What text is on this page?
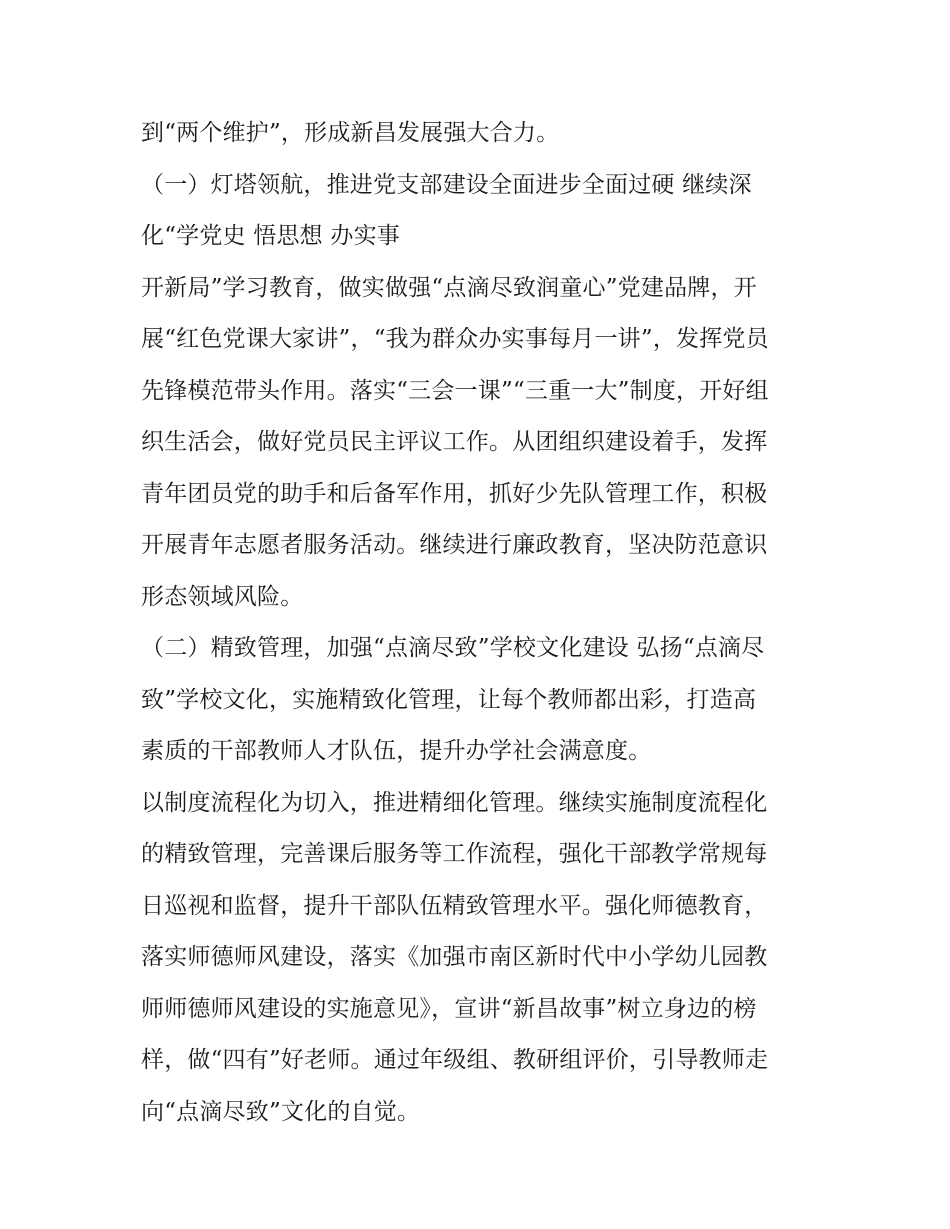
到“两个维护”，形成新昌发展强大合力。
（一）灯塔领航，推进党支部建设全面进步全面过硬 继续深
化“学党史 悟思想 办实事
开新局”学习教育，做实做强“点滴尽致润童心”党建品牌，开
展“红色党课大家讲”，“我为群众办实事每月一讲”，发挥党员
先锋模范带头作用。落实“三会一课”“三重一大”制度，开好组
织生活会，做好党员民主评议工作。从团组织建设着手，发挥
青年团员党的助手和后备军作用，抓好少先队管理工作，积极
开展青年志愿者服务活动。继续进行廉政教育，坚决防范意识
形态领域风险。
（二）精致管理，加强“点滴尽致”学校文化建设 弘扬“点滴尽
致”学校文化，实施精致化管理，让每个教师都出彩，打造高
素质的干部教师人才队伍，提升办学社会满意度。
以制度流程化为切入，推进精细化管理。继续实施制度流程化
的精致管理，完善课后服务等工作流程，强化干部教学常规每
日巡视和监督，提升干部队伍精致管理水平。强化师德教育，
落实师德师风建设，落实《加强市南区新时代中小学幼儿园教
师师德师风建设的实施意见》，宣讲“新昌故事”树立身边的榜
样，做“四有”好老师。通过年级组、教研组评价，引导教师走
向“点滴尽致”文化的自觉。
